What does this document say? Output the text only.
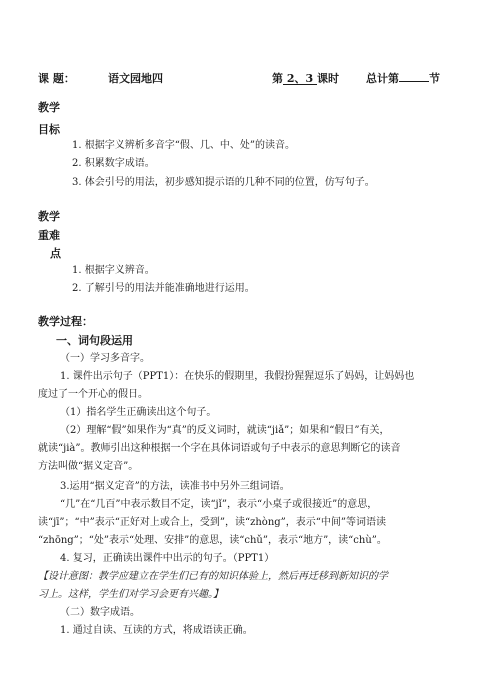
课 题：	语文园地四	第 2、3 课时 总计第	节
教学
目标
1. 根据字义辨析多音字“假、几、中、处”的读音。
2. 积累数字成语。
3. 体会引号的用法，初步感知提示语的几种不同的位置，仿写句子。
教学
重难
点
1. 根据字义辨音。
2. 了解引号的用法并能准确地进行运用。
教学过程：
一、词句段运用
（一）学习多音字。
1. 课件出示句子（PPT1）：在快乐的假期里，我假扮猩猩逗乐了妈妈，让妈妈也
度过了一个开心的假日。
（1）指名学生正确读出这个句子。
（2）理解“假”如果作为“真”的反义词时，就读“jiǎ”；如果和“假日”有关，
就读“jià”。教师引出这种根据一个字在具体词语或句子中表示的意思判断它的读音
方法叫做“据义定音”。
3.运用“据义定音”的方法，读准书中另外三组词语。
“几”在“几百”中表示数目不定，读“jǐ”，表示“小桌子或很接近”的意思，
读“jī”；“中”表示“正好对上或合上，受到”，读“zhòng”，表示“中间”等词语读
“zhōng”；“处”表示“处理、安排”的意思，读“chǔ”，表示“地方”，读“chù”。
4. 复习，正确读出课件中出示的句子。（PPT1）
【设计意图：教学应建立在学生们已有的知识体验上，然后再迁移到新知识的学
习上。这样，学生们对学习会更有兴趣。】
（二）数字成语。
1. 通过自读、互读的方式，将成语读正确。
